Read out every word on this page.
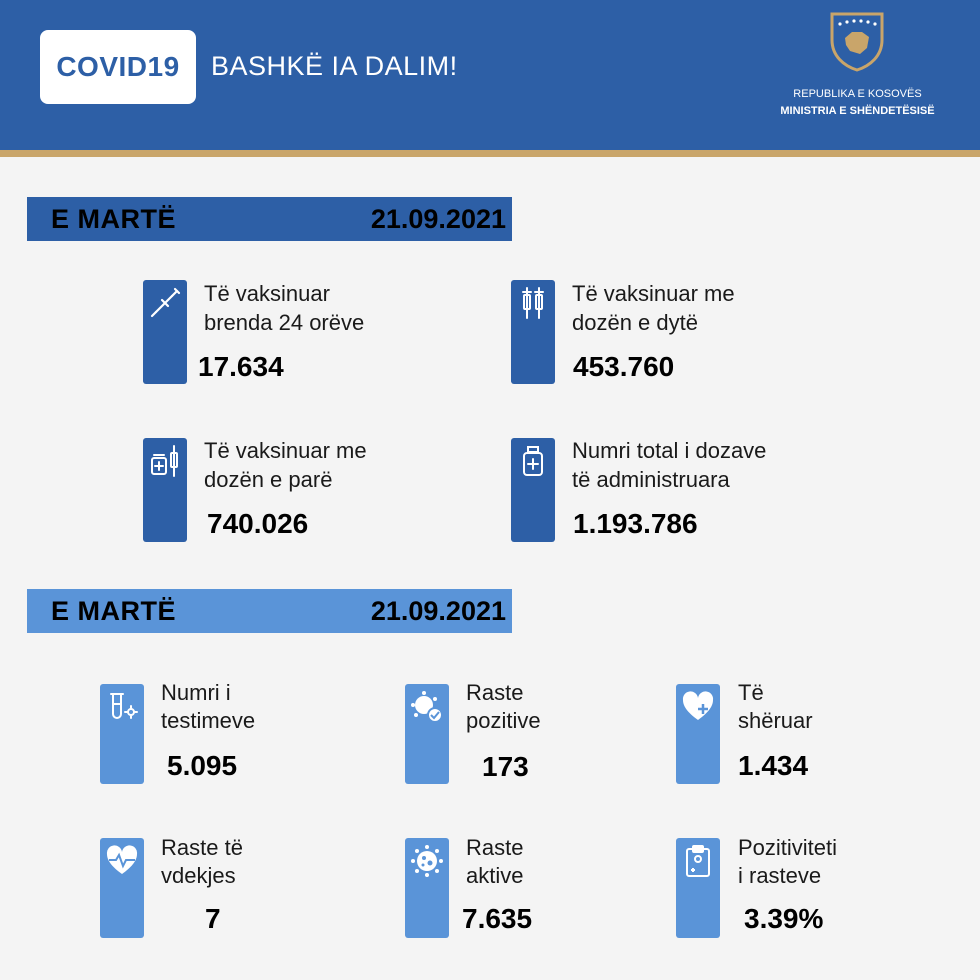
COVID19	BASHKË IA DALIM!
REPUBLIKA E KOSOVËS
MINISTRIA E SHËNDETËSISË
E MARTË	21.09.2021
Të vaksinuar
brenda 24 orëve
17.634
Të vaksinuar me
dozën e dytë
453.760
Të vaksinuar me
dozën e parë
740.026
Numri total i dozave
të administruara
1.193.786
E MARTË	21.09.2021
Numri i
testimeve
5.095
Raste
pozitive
173
Të
shëruar
1.434
Raste të
vdekjes
7
Raste
aktive
7.635
Pozitiviteti
i rasteve
3.39%
